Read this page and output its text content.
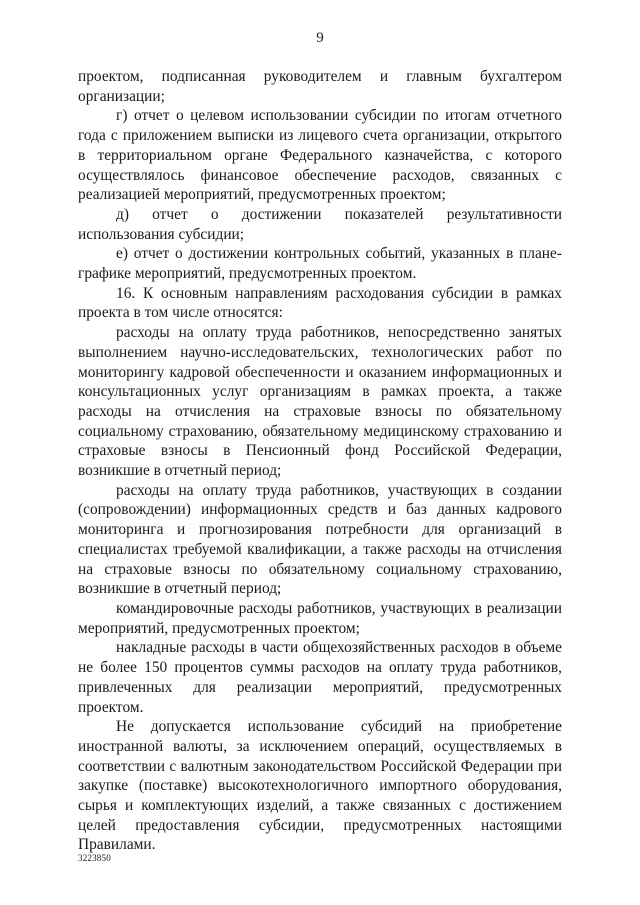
9

проектом, подписанная руководителем и главным бухгалтером организации;

г) отчет о целевом использовании субсидии по итогам отчетного года с приложением выписки из лицевого счета организации, открытого в территориальном органе Федерального казначейства, с которого осуществлялось финансовое обеспечение расходов, связанных с реализацией мероприятий, предусмотренных проектом;

д) отчет о достижении показателей результативности использования субсидии;

е) отчет о достижении контрольных событий, указанных в плане-графике мероприятий, предусмотренных проектом.

16. К основным направлениям расходования субсидии в рамках проекта в том числе относятся:

расходы на оплату труда работников, непосредственно занятых выполнением научно-исследовательских, технологических работ по мониторингу кадровой обеспеченности и оказанием информационных и консультационных услуг организациям в рамках проекта, а также расходы на отчисления на страховые взносы по обязательному социальному страхованию, обязательному медицинскому страхованию и страховые взносы в Пенсионный фонд Российской Федерации, возникшие в отчетный период;

расходы на оплату труда работников, участвующих в создании (сопровождении) информационных средств и баз данных кадрового мониторинга и прогнозирования потребности для организаций в специалистах требуемой квалификации, а также расходы на отчисления на страховые взносы по обязательному социальному страхованию, возникшие в отчетный период;

командировочные расходы работников, участвующих в реализации мероприятий, предусмотренных проектом;

накладные расходы в части общехозяйственных расходов в объеме не более 150 процентов суммы расходов на оплату труда работников, привлеченных для реализации мероприятий, предусмотренных проектом.

Не допускается использование субсидий на приобретение иностранной валюты, за исключением операций, осуществляемых в соответствии с валютным законодательством Российской Федерации при закупке (поставке) высокотехнологичного импортного оборудования, сырья и комплектующих изделий, а также связанных с достижением целей предоставления субсидии, предусмотренных настоящими Правилами.

3223850
